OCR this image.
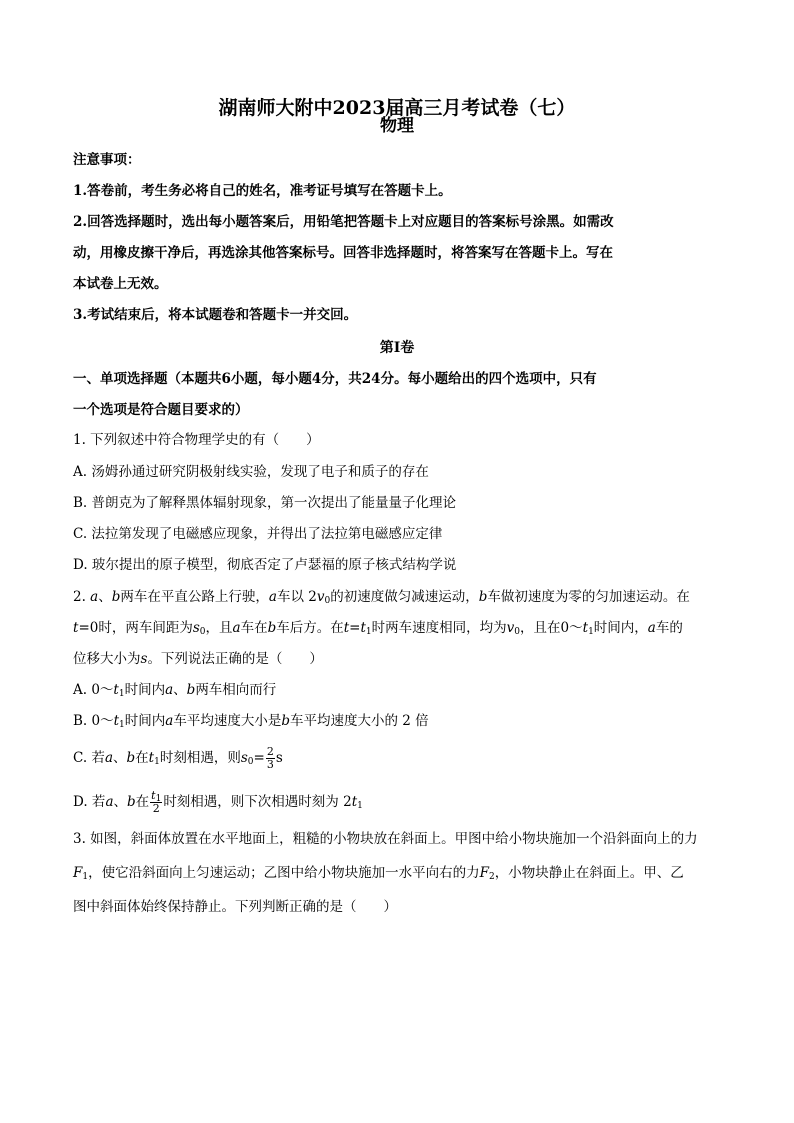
湖南师大附中2023届高三月考试卷（七）
物理
注意事项：
1.答卷前，考生务必将自己的姓名，准考证号填写在答题卡上。
2.回答选择题时，选出每小题答案后，用铅笔把答题卡上对应题目的答案标号涂黑。如需改
动，用橡皮擦干净后，再选涂其他答案标号。回答非选择题时，将答案写在答题卡上。写在
本试卷上无效。
3.考试结束后，将本试题卷和答题卡一并交回。
第I卷
一、单项选择题（本题共6小题，每小题4分，共24分。每小题给出的四个选项中，只有
一个选项是符合题目要求的）
1. 下列叙述中符合物理学史的有（　　）
A. 汤姆孙通过研究阴极射线实验，发现了电子和质子的存在
B. 普朗克为了解释黑体辐射现象，第一次提出了能量量子化理论
C. 法拉第发现了电磁感应现象，并得出了法拉第电磁感应定律
D. 玻尔提出的原子模型，彻底否定了卢瑟福的原子核式结构学说
2. a、b两车在平直公路上行驶，a车以 $2v_0$的初速度做匀减速运动，b车做初速度为零的匀加速运动。在
t=0时，两车间距为$s_0$，且a车在b车后方。在$t=t_1$时两车速度相同，均为$v_0$，且在$0\sim t_1$时间内，a车的
位移大小为s。下列说法正确的是（　　）
A. $0\sim t_1$时间内a、b两车相向而行
B. $0\sim t_1$时间内a车平均速度大小是b车平均速度大小的 2 倍
C. 若a、b在$t_1$时刻相遇，则$s_0= \frac{2}{3}$ s
D. 若a、b在 $\frac{t_1}{2}$ 时刻相遇，则下次相遇时刻为 $2t_1$
3. 如图，斜面体放置在水平地面上，粗糙的小物块放在斜面上。甲图中给小物块施加一个沿斜面向上的力
$F_1$，使它沿斜面向上匀速运动；乙图中给小物块施加一水平向右的力$F_2$，小物块静止在斜面上。甲、乙
图中斜面体始终保持静止。下列判断正确的是（　　）
